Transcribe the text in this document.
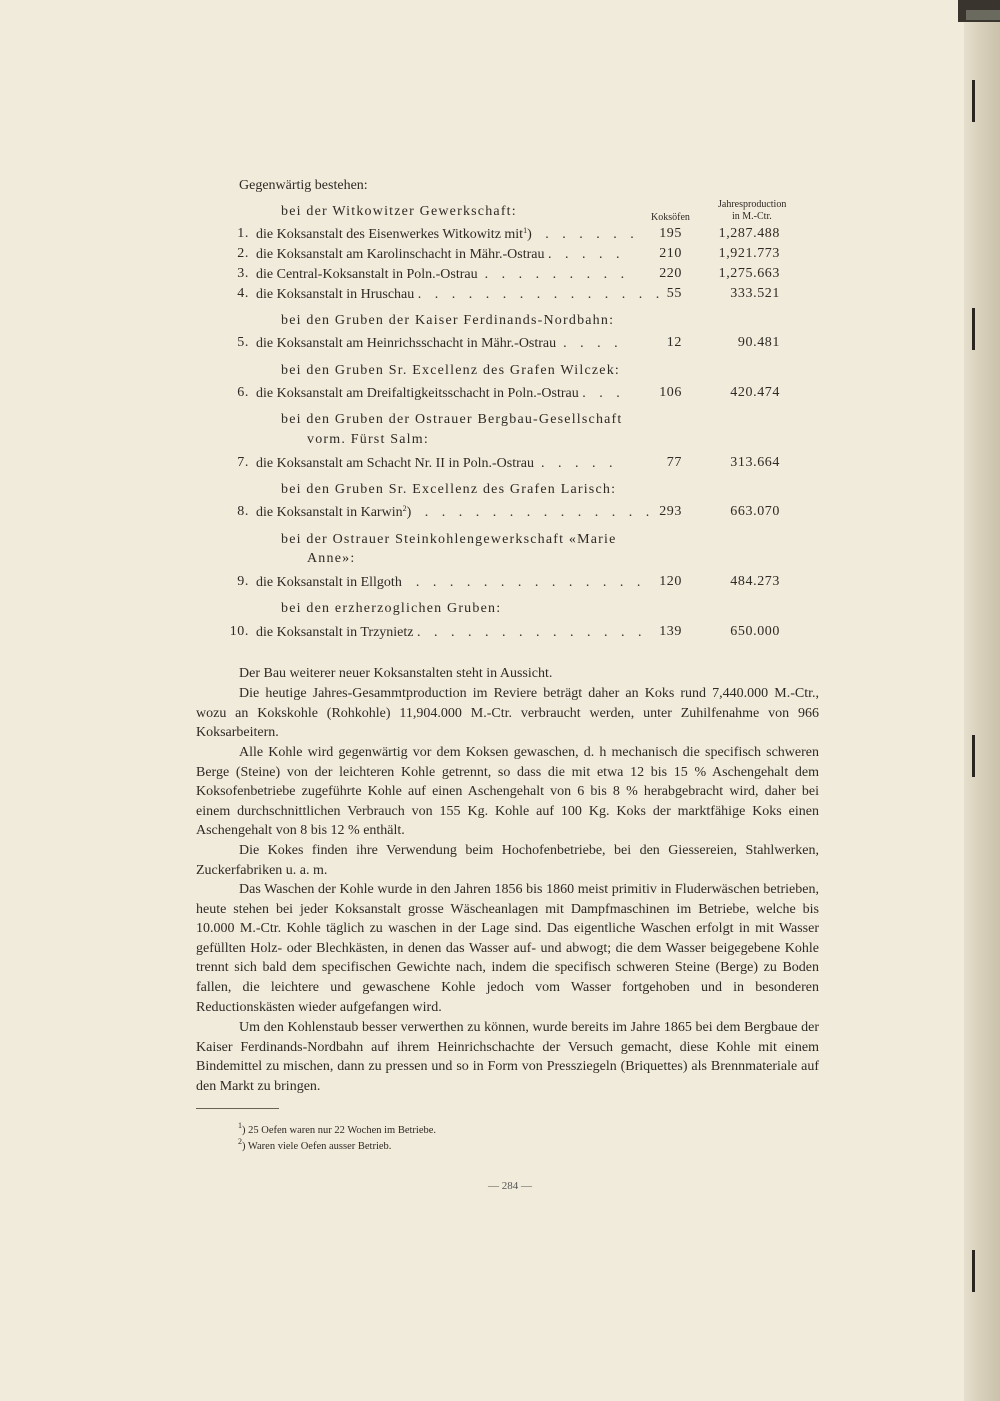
Gegenwärtig bestehen:
Koksöfen
Jahresproduction
in M.-Ctr.
bei der Witkowitzer Gewerkschaft:
bei den Gruben der Kaiser Ferdinands-Nordbahn:
bei den Gruben Sr. Excellenz des Grafen Wilczek:
bei den Gruben der Ostrauer Bergbau-Gesellschaft
vorm. Fürst Salm:
bei den Gruben Sr. Excellenz des Grafen Larisch:
bei der Ostrauer Steinkohlengewerkschaft «Marie
Anne»:
bei den erzherzoglichen Gruben:
1. die Koksanstalt des Eisenwerkes Witkowitz mit$^1$) . . . . . .	195	1,287.488
2. die Koksanstalt am Karolinschacht in Mähr.-Ostrau . . . . .	210	1,921.773
3. die Central-Koksanstalt in Poln.-Ostrau . . . . . . . . .	220	1,275.663
4. die Koksanstalt in Hruschau . . . . . . . . . . . . . . . 55	333.521
5. die Koksanstalt am Heinrichsschacht in Mähr.-Ostrau . . . .	12	90.481
6. die Koksanstalt am Dreifaltigkeitsschacht in Poln.-Ostrau . . .	106	420.474
7. die Koksanstalt am Schacht Nr. II in Poln.-Ostrau . . . . .	77	313.664
8. die Koksanstalt in Karwin$^2$) . . . . . . . . . . . . . . 293	663.070
9. die Koksanstalt in Ellgoth . . . . . . . . . . . . . . 120	484.273
10. die Koksanstalt in Trzynietz . . . . . . . . . . . . . . 139	650.000
Der Bau weiterer neuer Koksanstalten steht in Aussicht.
Die heutige Jahres-Gesammtproduction im Reviere beträgt daher an Koks rund 7,440.000 M.-Ctr., wozu an Kokskohle (Rohkohle) 11,904.000 M.-Ctr. verbraucht werden, unter Zuhilfenahme von 966 Koksarbeitern.
Alle Kohle wird gegenwärtig vor dem Koksen gewaschen, d. h mechanisch die specifisch schweren Berge (Steine) von der leichteren Kohle getrennt, so dass die mit etwa 12 bis 15 % Aschengehalt dem Koksofenbetriebe zugeführte Kohle auf einen Aschengehalt von 6 bis 8 % herabgebracht wird, daher bei einem durchschnittlichen Verbrauch von 155 Kg. Kohle auf 100 Kg. Koks der marktfähige Koks einen Aschengehalt von 8 bis 12 % enthält.
Die Kokes finden ihre Verwendung beim Hochofenbetriebe, bei den Giessereien, Stahlwerken, Zuckerfabriken u. a. m.
Das Waschen der Kohle wurde in den Jahren 1856 bis 1860 meist primitiv in Fluderwäschen betrieben, heute stehen bei jeder Koksanstalt grosse Wäscheanlagen mit Dampfmaschinen im Betriebe, welche bis 10.000 M.-Ctr. Kohle täglich zu waschen in der Lage sind. Das eigentliche Waschen erfolgt in mit Wasser gefüllten Holz- oder Blechkästen, in denen das Wasser auf- und abwogt; die dem Wasser beigegebene Kohle trennt sich bald dem specifischen Gewichte nach, indem die specifisch schweren Steine (Berge) zu Boden fallen, die leichtere und gewaschene Kohle jedoch vom Wasser fortgehoben und in besonderen Reductionskästen wieder aufgefangen wird.
Um den Kohlenstaub besser verwerthen zu können, wurde bereits im Jahre 1865 bei dem Bergbaue der Kaiser Ferdinands-Nordbahn auf ihrem Heinrichschachte der Versuch gemacht, diese Kohle mit einem Bindemittel zu mischen, dann zu pressen und so in Form von Pressziegeln (Briquettes) als Brennmateriale auf den Markt zu bringen.
$^1$) 25 Oefen waren nur 22 Wochen im Betriebe.
$^2$) Waren viele Oefen ausser Betrieb.
— 284 —
